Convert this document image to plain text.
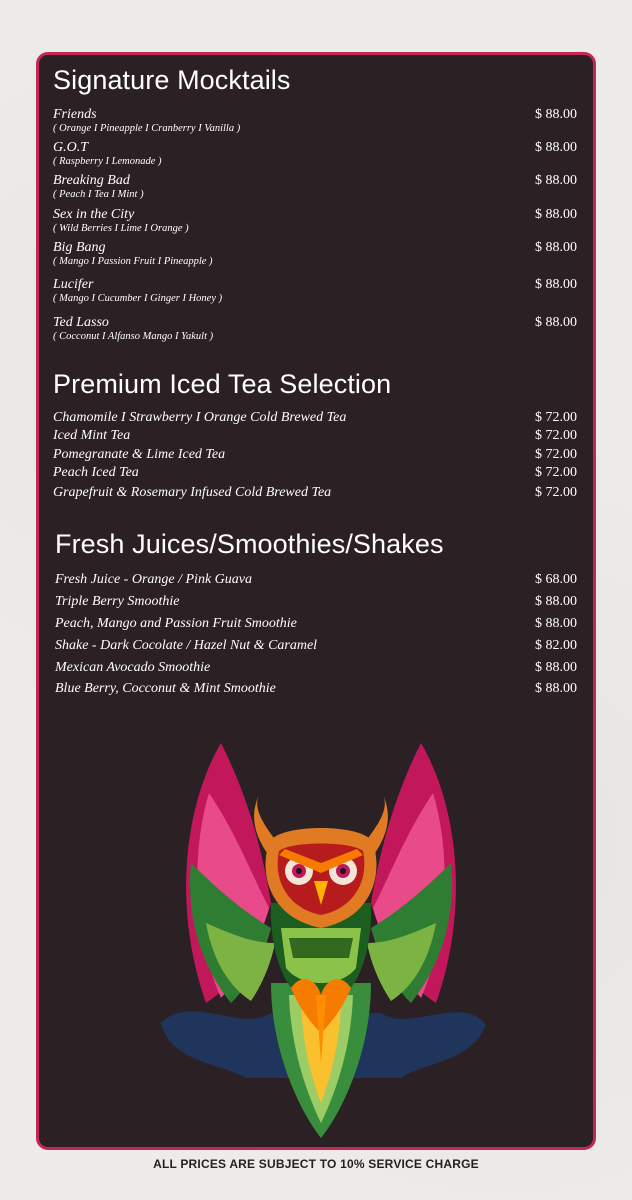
Signature Mocktails
Friends
( Orange I Pineapple I Cranberry I Vanilla )
$ 88.00
G.O.T
( Raspberry I Lemonade )
$ 88.00
Breaking Bad
( Peach I Tea I Mint )
$ 88.00
Sex in the City
( Wild Berries I Lime I Orange )
$ 88.00
Big Bang
( Mango I Passion Fruit I Pineapple )
$ 88.00
Lucifer
( Mango I Cucumber I Ginger I Honey )
$ 88.00
Ted Lasso
( Cocconut I Alfanso Mango I Yakult )
$ 88.00
Premium Iced Tea Selection
Chamomile I Strawberry I Orange Cold Brewed Tea	$ 72.00
Iced Mint Tea	$ 72.00
Pomegranate & Lime Iced Tea	$ 72.00
Peach Iced Tea	$ 72.00
Grapefruit & Rosemary Infused Cold Brewed Tea	$ 72.00
Fresh Juices/Smoothies/Shakes
Fresh Juice - Orange / Pink Guava	$ 68.00
Triple Berry Smoothie	$ 88.00
Peach, Mango and Passion Fruit Smoothie	$ 88.00
Shake - Dark Cocolate / Hazel Nut & Caramel	$ 82.00
Mexican Avocado Smoothie	$ 88.00
Blue Berry, Cocconut & Mint Smoothie	$ 88.00
ALL PRICES ARE SUBJECT TO 10% SERVICE CHARGE
